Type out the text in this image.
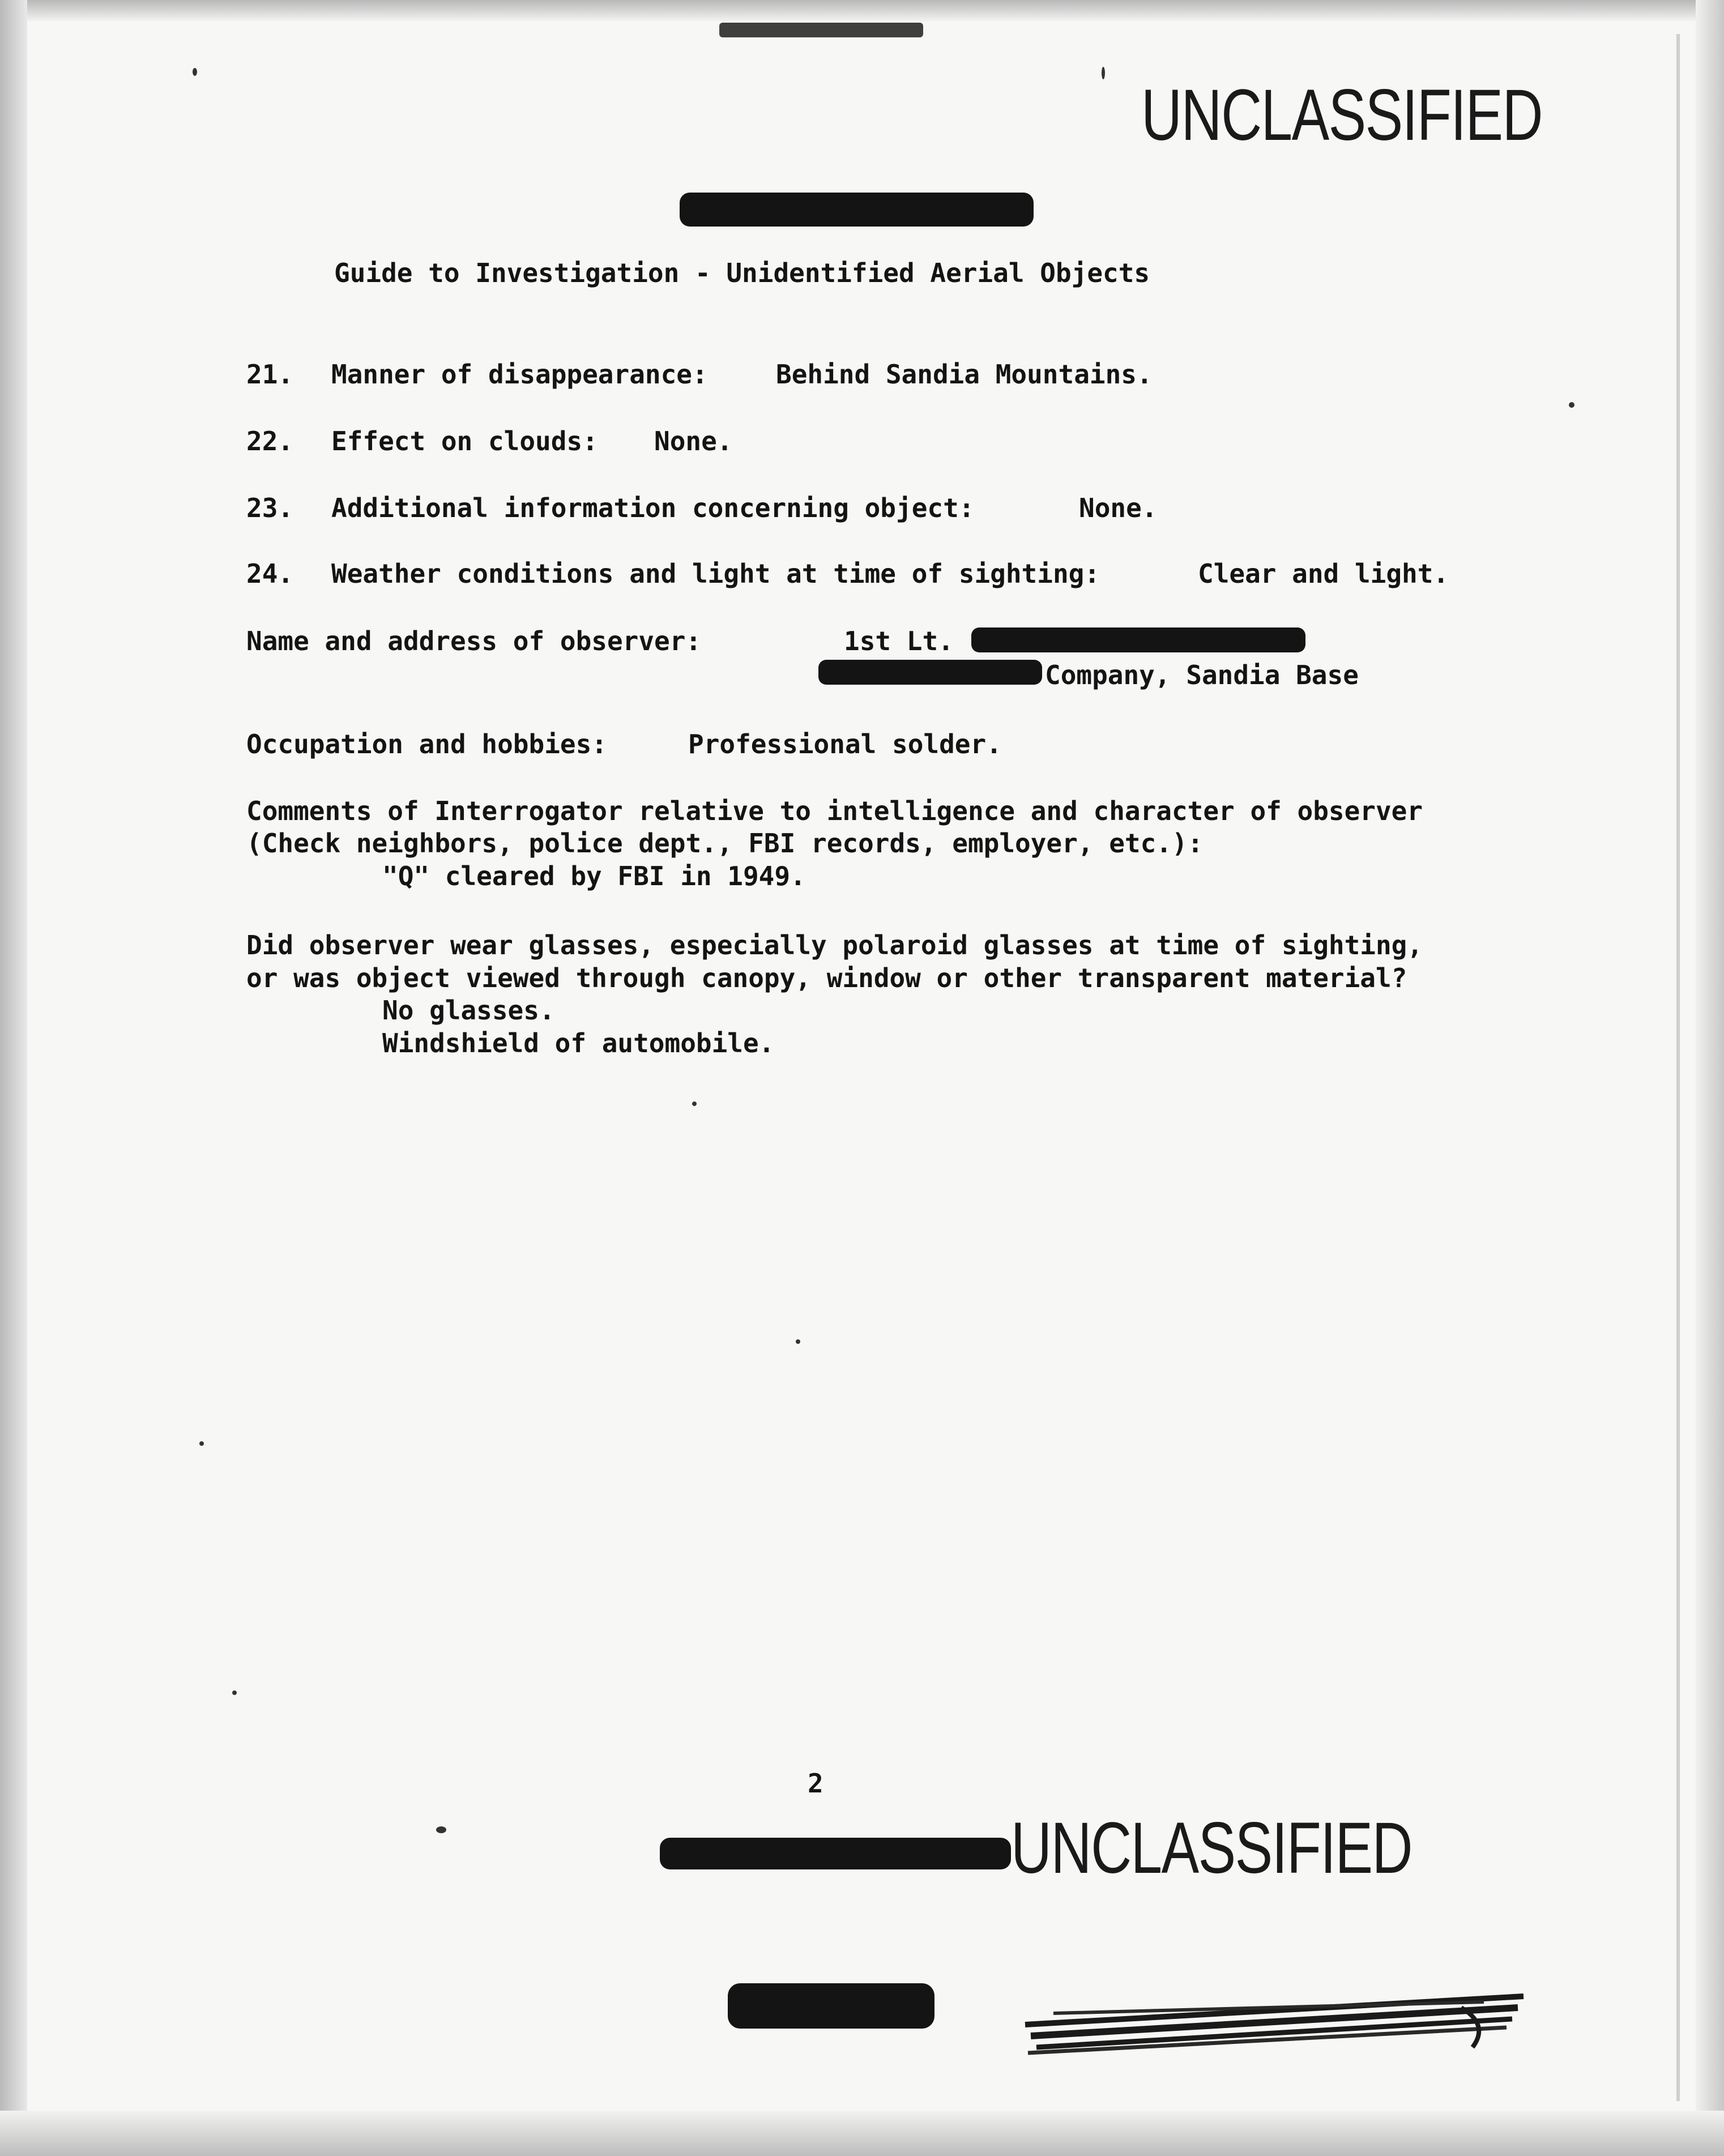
UNCLASSIFIED
Guide to Investigation - Unidentified Aerial Objects
21. Manner of disappearance:	Behind Sandia Mountains.
22. Effect on clouds: None.
23. Additional information concerning object:	None.
24. Weather conditions and light at time of sighting:	Clear and light.
Name and address of observer:	1st Lt.
Company, Sandia Base
Occupation and hobbies:	Professional solder.
Comments of Interrogator relative to intelligence and character of observer
(Check neighbors, police dept., FBI records, employer, etc.):
"Q" cleared by FBI in 1949.
Did observer wear glasses, especially polaroid glasses at time of sighting,
or was object viewed through canopy, window or other transparent material?
No glasses.
Windshield of automobile.
2
UNCLASSIFIED
